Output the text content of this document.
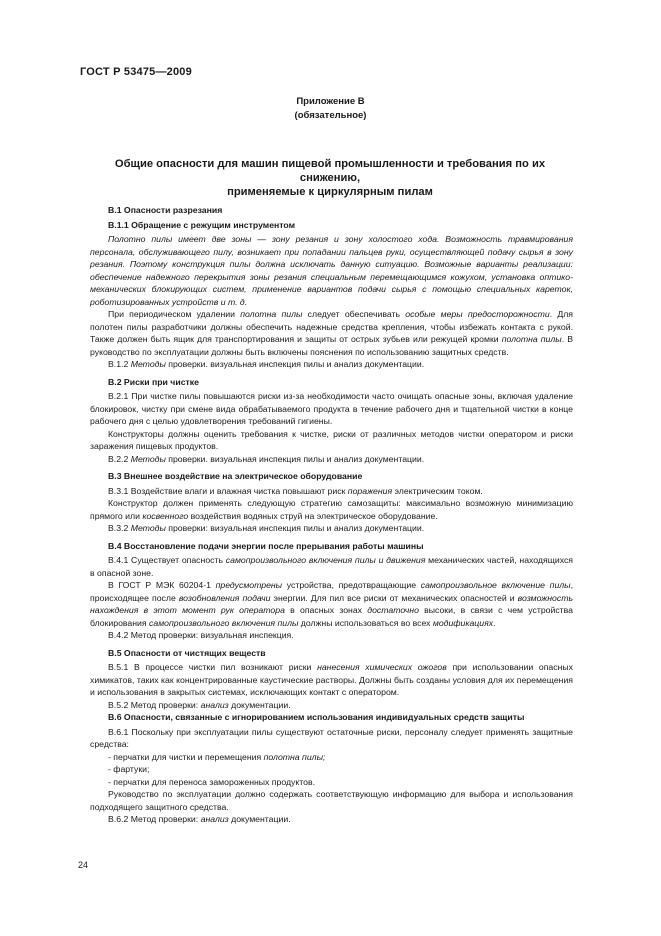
ГОСТ Р 53475—2009
Приложение В
(обязательное)
Общие опасности для машин пищевой промышленности и требования по их снижению,
применяемые к циркулярным пилам

В.1 Опасности разрезания

В.1.1 Обращение с режущим инструментом

Полотно пилы имеет две зоны — зону резания и зону холостого хода. Возможность травмирования персонала, обслуживающего пилу, возникает при попадании пальцев руки, осуществляющей подачу сырья в зону резания. Поэтому конструкция пилы должна исключать данную ситуацию. Возможные варианты реализации: обеспечение надежного перекрытия зоны резания специальным перемещающимся кожухом, установка оптико-механических блокирующих систем, применение вариантов подачи сырья с помощью специальных кареток, роботизированных устройств и т. д.

При периодическом удалении полотна пилы следует обеспечивать особые меры предосторожности. Для полотен пилы разработчики должны обеспечить надежные средства крепления, чтобы избежать контакта с рукой. Также должен быть ящик для транспортирования и защиты от острых зубьев или режущей кромки полотна пилы. В руководство по эксплуатации должны быть включены пояснения по использованию защитных средств.

В.1.2 Методы проверки. визуальная инспекция пилы и анализ документации.

В.2 Риски при чистке

В.2.1 При чистке пилы повышаются риски из-за необходимости часто очищать опасные зоны, включая удаление блокировок, чистку при смене вида обрабатываемого продукта в течение рабочего дня и тщательной чистки в конце рабочего дня с целью удовлетворения требований гигиены.

Конструкторы должны оценить требования к чистке, риски от различных методов чистки оператором и риски заражения пищевых продуктов.

В.2.2 Методы проверки. визуальная инспекция пилы и анализ документации.

В.3 Внешнее воздействие на электрическое оборудование

В.3.1 Воздействие влаги и влажная чистка повышают риск поражения электрическим током.

Конструктор должен применять следующую стратегию самозащиты: максимально возможную минимизацию прямого или косвенного воздействия водяных струй на электрическое оборудование.

В.3.2 Методы проверки: визуальная инспекция пилы и анализ документации.

В.4 Восстановление подачи энергии после прерывания работы машины

В.4.1 Существует опасность самопроизвольного включения пилы и движения механических частей, находящихся в опасной зоне.

В ГОСТ Р МЭК 60204-1 предусмотрены устройства, предотвращающие самопроизвольное включение пилы, происходящее после возобновления подачи энергии. Для пил все риски от механических опасностей и возможность нахождения в этот момент рук оператора в опасных зонах достаточно высоки, в связи с чем устройства блокирования самопроизвольного включения пилы должны использоваться во всех модификациях.

В.4.2 Метод проверки: визуальная инспекция.

В.5 Опасности от чистящих веществ

В.5.1 В процессе чистки пил возникают риски нанесения химических ожогов при использовании опасных химикатов, таких как концентрированные каустические растворы. Должны быть созданы условия для их перемещения и использования в закрытых системах, исключающих контакт с оператором.

В.5.2 Метод проверки: анализ документации.

В.6 Опасности, связанные с игнорированием использования индивидуальных средств защиты

В.6.1 Поскольку при эксплуатации пилы существуют остаточные риски, персоналу следует применять защитные средства:

- перчатки для чистки и перемещения полотна пилы;

- фартуки;

- перчатки для переноса замороженных продуктов.

Руководство по эксплуатации должно содержать соответствующую информацию для выбора и использования подходящего защитного средства.

В.6.2 Метод проверки: анализ документации.

24
